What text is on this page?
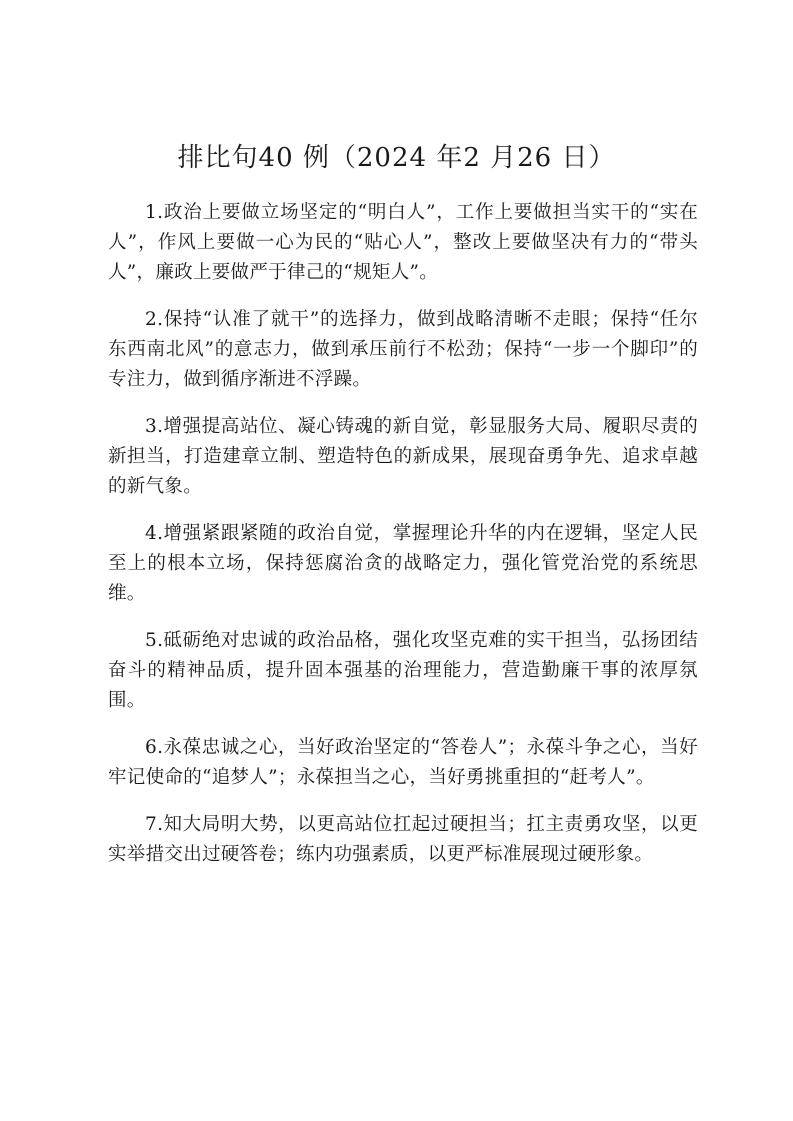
排比句40 例（2024 年2 月26 日）

1.政治上要做立场坚定的“明白人”，工作上要做担当实干的“实在人”，作风上要做一心为民的“贴心人”，整改上要做坚决有力的“带头人”，廉政上要做严于律己的“规矩人”。

2.保持“认准了就干”的选择力，做到战略清晰不走眼；保持“任尔东西南北风”的意志力，做到承压前行不松劲；保持“一步一个脚印”的专注力，做到循序渐进不浮躁。

3.增强提高站位、凝心铸魂的新自觉，彰显服务大局、履职尽责的新担当，打造建章立制、塑造特色的新成果，展现奋勇争先、追求卓越的新气象。

4.增强紧跟紧随的政治自觉，掌握理论升华的内在逻辑，坚定人民至上的根本立场，保持惩腐治贪的战略定力，强化管党治党的系统思维。

5.砥砺绝对忠诚的政治品格，强化攻坚克难的实干担当，弘扬团结奋斗的精神品质，提升固本强基的治理能力，营造勤廉干事的浓厚氛围。

6.永葆忠诚之心，当好政治坚定的“答卷人”；永葆斗争之心，当好牢记使命的“追梦人”；永葆担当之心，当好勇挑重担的“赶考人”。

7.知大局明大势，以更高站位扛起过硬担当；扛主责勇攻坚，以更实举措交出过硬答卷；练内功强素质，以更严标准展现过硬形象。
